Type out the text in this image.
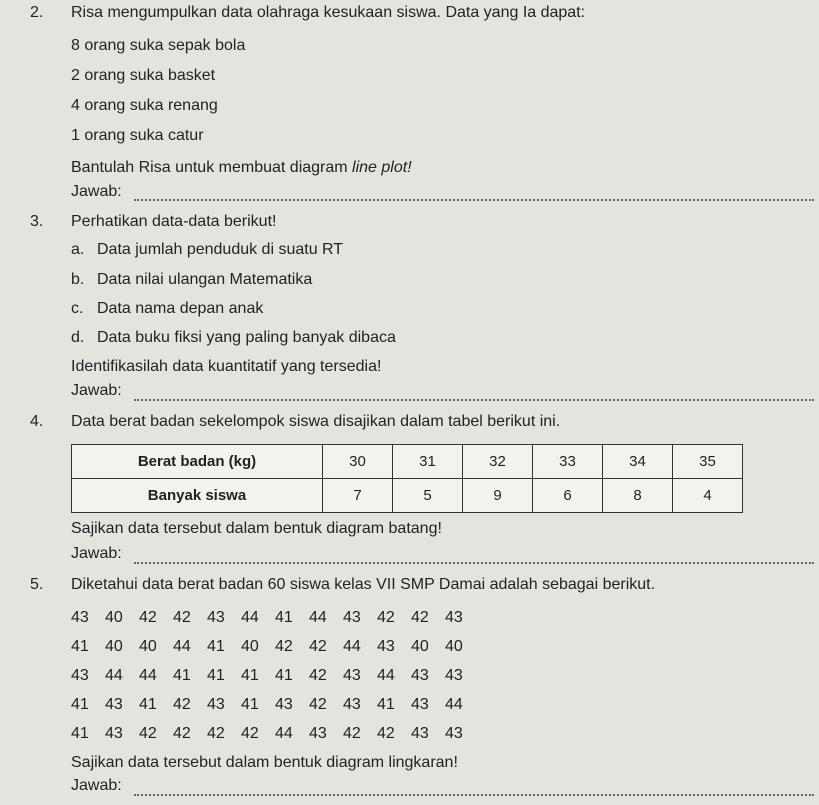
2. Risa mengumpulkan data olahraga kesukaan siswa. Data yang Ia dapat:
8 orang suka sepak bola
2 orang suka basket
4 orang suka renang
1 orang suka catur
Bantulah Risa untuk membuat diagram line plot!
Jawab:
3. Perhatikan data-data berikut!
a. Data jumlah penduduk di suatu RT
b. Data nilai ulangan Matematika
c. Data nama depan anak
d. Data buku fiksi yang paling banyak dibaca
Identifikasilah data kuantitatif yang tersedia!
Jawab:
4. Data berat badan sekelompok siswa disajikan dalam tabel berikut ini.
Berat badan (kg)	30	31	32	33	34	35
Banyak siswa	7	5	9	6	8	4
Sajikan data tersebut dalam bentuk diagram batang!
Jawab:
5. Diketahui data berat badan 60 siswa kelas VII SMP Damai adalah sebagai berikut.
43	40	42	42	43	44	41	44	43	42	42	43
41	40	40	44	41	40	42	42	44	43	40	40
43	44	44	41	41	41	41	42	43	44	43	43
41	43	41	42	43	41	43	42	43	41	43	44
41	43	42	42	42	42	44	43	42	42	43	43
Sajikan data tersebut dalam bentuk diagram lingkaran!
Jawab:
